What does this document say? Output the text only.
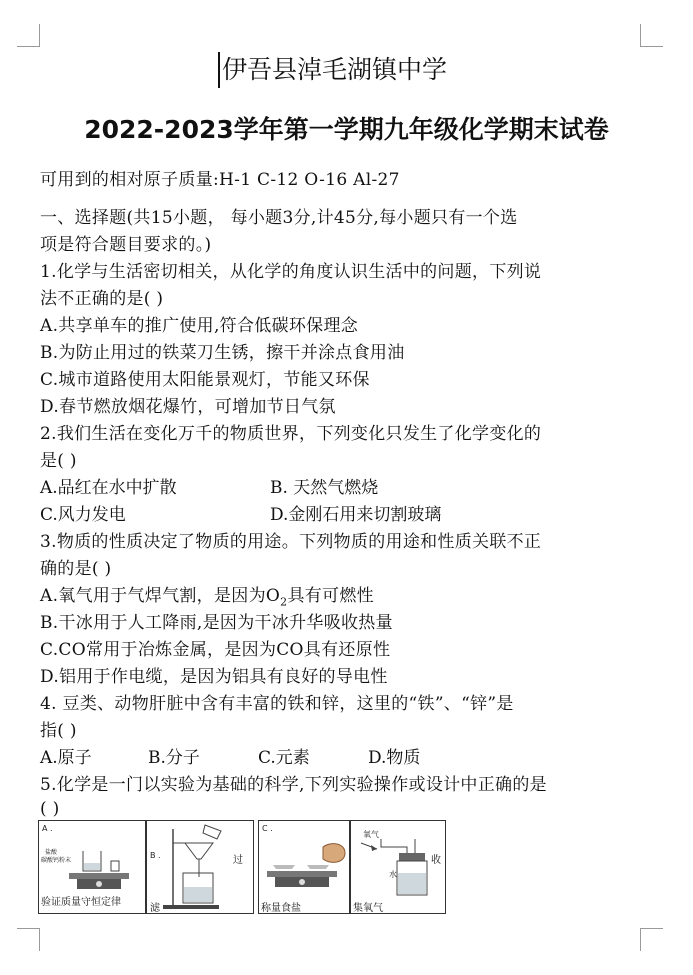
伊吾县淖毛湖镇中学
2022-2023学年第一学期九年级化学期末试卷
可用到的相对原子质量:H-1 C-12 O-16 Al-27
一、选择题(共15小题， 每小题3分,计45分,每小题只有一个选
项是符合题目要求的。)
1.化学与生活密切相关，从化学的角度认识生活中的问题，下列说
法不正确的是( )
A.共享单车的推广使用,符合低碳环保理念
B.为防止用过的铁菜刀生锈，擦干并涂点食用油
C.城市道路使用太阳能景观灯，节能又环保
D.春节燃放烟花爆竹，可增加节日气氛
2.我们生活在变化万千的物质世界，下列变化只发生了化学变化的
是( )
A.品红在水中扩散	B. 天然气燃烧
C.风力发电	D.金刚石用来切割玻璃
3.物质的性质决定了物质的用途。下列物质的用途和性质关联不正
确的是( )
A.氧气用于气焊气割，是因为$O_2$具有可燃性
B.干冰用于人工降雨,是因为干冰升华吸收热量
C.CO常用于冶炼金属，是因为CO具有还原性
D.铝用于作电缆，是因为铝具有良好的导电性
4. 豆类、动物肝脏中含有丰富的铁和锌，这里的“铁”、“锌”是
指( )
A.原子	B.分子	C.元素	D.物质
5.化学是一门以实验为基础的科学,下列实验操作或设计中正确的是
( )
A .
盐酸
碳酸钙粉末
验证质量守恒定律
B .	过
滤
C .
称量食盐
氧气
水
收
集氧气
